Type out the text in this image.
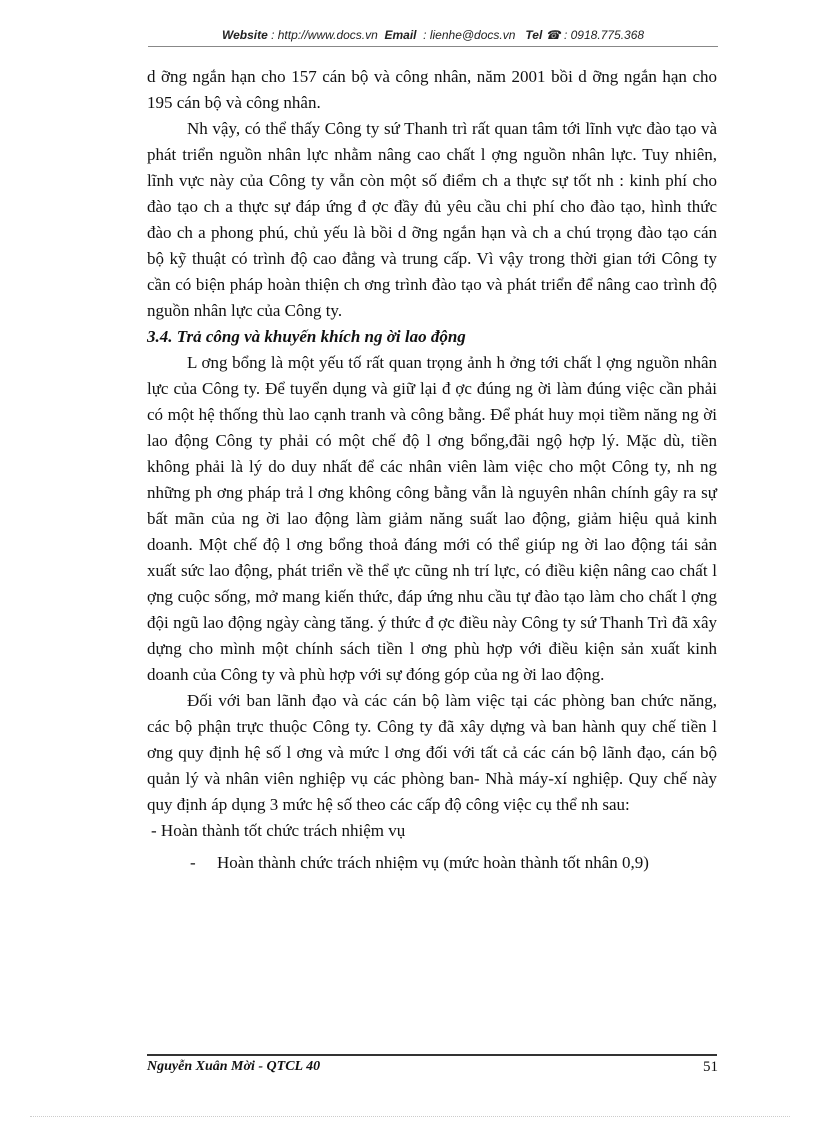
Website : http://www.docs.vn Email : lienhe@docs.vn Tel ☎ : 0918.775.368

d ỡng ngắn hạn cho 157 cán bộ và công nhân, năm 2001 bồi d ỡng ngắn hạn cho 195 cán bộ và công nhân.

Nh vậy, có thể thấy Công ty sứ Thanh trì rất quan tâm tới lĩnh vực đào tạo và phát triển nguồn nhân lực nhằm nâng cao chất l ợng nguồn nhân lực. Tuy nhiên, lĩnh vực này của Công ty vẫn còn một số điểm ch a thực sự tốt nh : kinh phí cho đào tạo ch a thực sự đáp ứng đ ợc đầy đủ yêu cầu chi phí cho đào tạo, hình thức đào ch a phong phú, chủ yếu là bồi d ỡng ngắn hạn và ch a chú trọng đào tạo cán bộ kỹ thuật có trình độ cao đẳng và trung cấp. Vì vậy trong thời gian tới Công ty cần có biện pháp hoàn thiện ch ơng trình đào tạo và phát triển để nâng cao trình độ nguồn nhân lực của Công ty.

3.4. Trả công và khuyến khích ng ời lao động

L ơng bổng là một yếu tố rất quan trọng ảnh h ởng tới chất l ợng nguồn nhân lực của Công ty. Để tuyển dụng và giữ lại đ ợc đúng ng ời làm đúng việc cần phải có một hệ thống thù lao cạnh tranh và công bằng. Để phát huy mọi tiềm năng ng ời lao động Công ty phải có một chế độ l ơng bổng,đãi ngộ hợp lý. Mặc dù, tiền không phải là lý do duy nhất để các nhân viên làm việc cho một Công ty, nh ng những ph ơng pháp trả l ơng không công bằng vẫn là nguyên nhân chính gây ra sự bất mãn của ng ời lao động làm giảm năng suất lao động, giảm hiệu quả kinh doanh. Một chế độ l ơng bổng thoả đáng mới có thể giúp ng ời lao động tái sản xuất sức lao động, phát triển về thể ực cũng nh trí lực, có điều kiện nâng cao chất l ợng cuộc sống, mở mang kiến thức, đáp ứng nhu cầu tự đào tạo làm cho chất l ợng đội ngũ lao động ngày càng tăng. ý thức đ ợc điều này Công ty sứ Thanh Trì đã xây dựng cho mình một chính sách tiền l ơng phù hợp với điều kiện sản xuất kinh doanh của Công ty và phù hợp với sự đóng góp của ng ời lao động.

Đối với ban lãnh đạo và các cán bộ làm việc tại các phòng ban chức năng, các bộ phận trực thuộc Công ty. Công ty đã xây dựng và ban hành quy chế tiền l ơng quy định hệ số l ơng và mức l ơng đối với tất cả các cán bộ lãnh đạo, cán bộ quản lý và nhân viên nghiệp vụ các phòng ban- Nhà máy-xí nghiệp. Quy chế này quy định áp dụng 3 mức hệ số theo các cấp độ công việc cụ thể nh sau:

- Hoàn thành tốt chức trách nhiệm vụ

- Hoàn thành chức trách nhiệm vụ (mức hoàn thành tốt nhân 0,9)

Nguyễn Xuân Mời - QTCL 40	51
